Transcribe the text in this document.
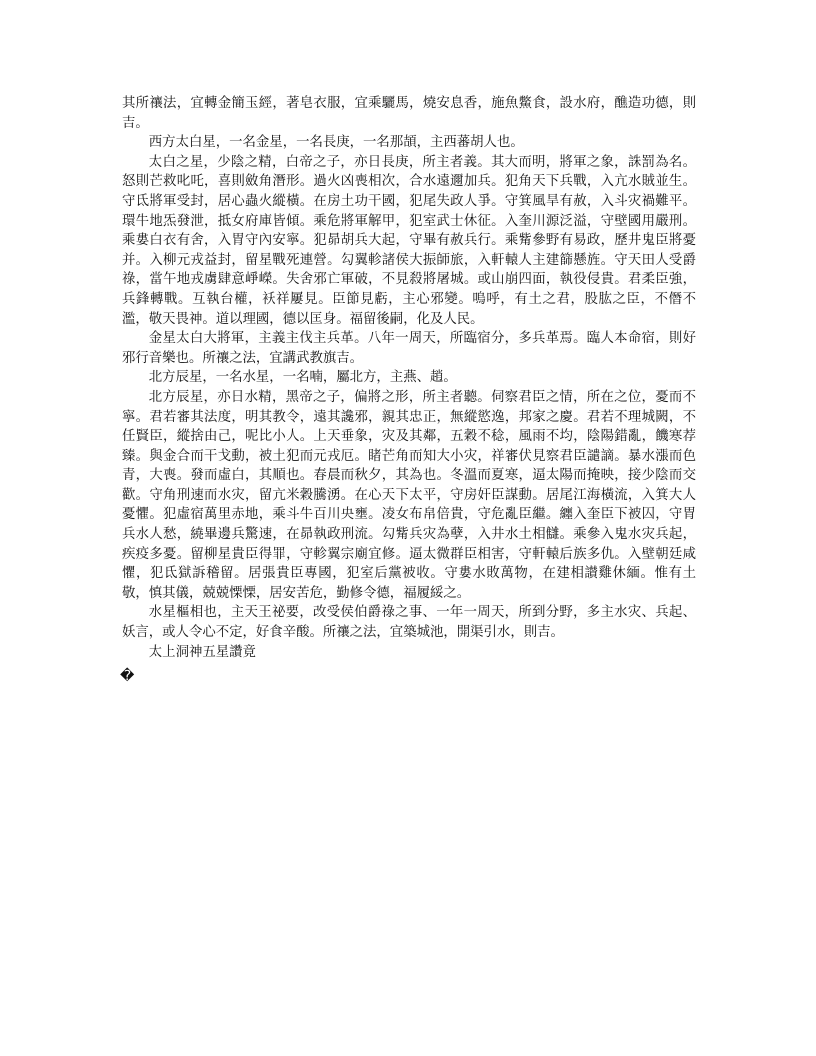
其所禳法，宜轉金簡玉經，著皂衣服，宜乘驪馬，燒安息香，施魚鱉食，設水府，醮造功德，則吉。

西方太白星，一名金星，一名長庚，一名那頡，主西蕃胡人也。

太白之星，少陰之精，白帝之子，亦日長庚，所主者義。其大而明，將軍之象，誅罰為名。怒則芒救叱吒，喜則斂角潛形。過火凶喪相次，合水遠邇加兵。犯角天下兵戰，入亢水賊並生。守氐將軍受封，居心蟲火縱橫。在房土功干國，犯尾失政人爭。守箕風旱有赦，入斗灾禍難平。環牛地炁發泄，抵女府庫皆傾。乘危將軍解甲，犯室武士休征。入奎川源泛溢，守壁國用嚴刑。乘婁白衣有舍，入胃守內安寧。犯昴胡兵大起，守畢有赦兵行。乘觜參野有易政，歷井鬼臣將憂并。入柳元戎益封，留星戰死連營。勾翼軫諸侯大振師旅，入軒轅人主建篩懸旌。守天田人受爵祿，當午地戎虜肆意崢嶸。失舍邪亡軍破，不見殺將屠城。或山崩四面，執役侵貴。君柔臣強，兵鋒轉戰。互執台權，袄祥屢見。臣節見虧，主心邪變。嗚呼，有土之君，股肱之臣，不僭不濫，敬天畏神。道以理國，德以匡身。福留後嗣，化及人民。

金星太白大將軍，主義主伐主兵革。八年一周天，所臨宿分，多兵革焉。臨人本命宿，則好邪行音樂也。所禳之法，宜講武教旗吉。

北方辰星，一名水星，一名喃，屬北方，主燕、趙。

北方辰星，亦日水精，黑帝之子，偏將之形，所主者聽。伺察君臣之情，所在之位，憂而不寧。君若審其法度，明其教令，遠其讒邪，親其忠正，無縱慾逸，邦家之慶。君若不理城闕，不任賢臣，縱捨由己，呢比小人。上天垂象，灾及其鄰，五穀不稔，風雨不均，陰陽錯亂，饑寒荐臻。與金合而干戈動，被土犯而元戎厄。睹芒角而知大小灾，祥審伏見察君臣譴謫。暴水漲而色青，大喪。發而虛白，其順也。春晨而秋夕，其為也。冬溫而夏寒，逼太陽而掩映，接少陰而交歡。守角刑速而水灾，留亢米穀騰湧。在心天下太平，守房奸臣謀動。居尾江海橫流，入箕大人憂懼。犯虛宿萬里赤地，乘斗牛百川央壅。凌女布帛倍貴，守危亂臣繼。纏入奎臣下被囚，守胃兵水人愁，繞畢邊兵驚速，在昴執政刑流。勾觜兵灾為孽，入井水土相讎。乘參入鬼水灾兵起，疾疫多憂。留柳星貴臣得罪，守軫翼宗廟宜修。逼太微群臣相害，守軒轅后族多仇。入壁朝廷咸懼，犯氐獄訴稽留。居張貴臣專國，犯室后黨被收。守婁水敗萬物，在建相讃雞休緬。惟有土敬，慎其儀，兢兢慄慄，居安苦危，勤修令德，福履綏之。

水星樞相也，主天王祕要，改受侯伯爵祿之事、一年一周天，所到分野，多主水灾、兵起、妖言，或人令心不定，好食辛酸。所禳之法，宜築城池，開渠引水，則吉。

太上洞神五星讚竟

�
